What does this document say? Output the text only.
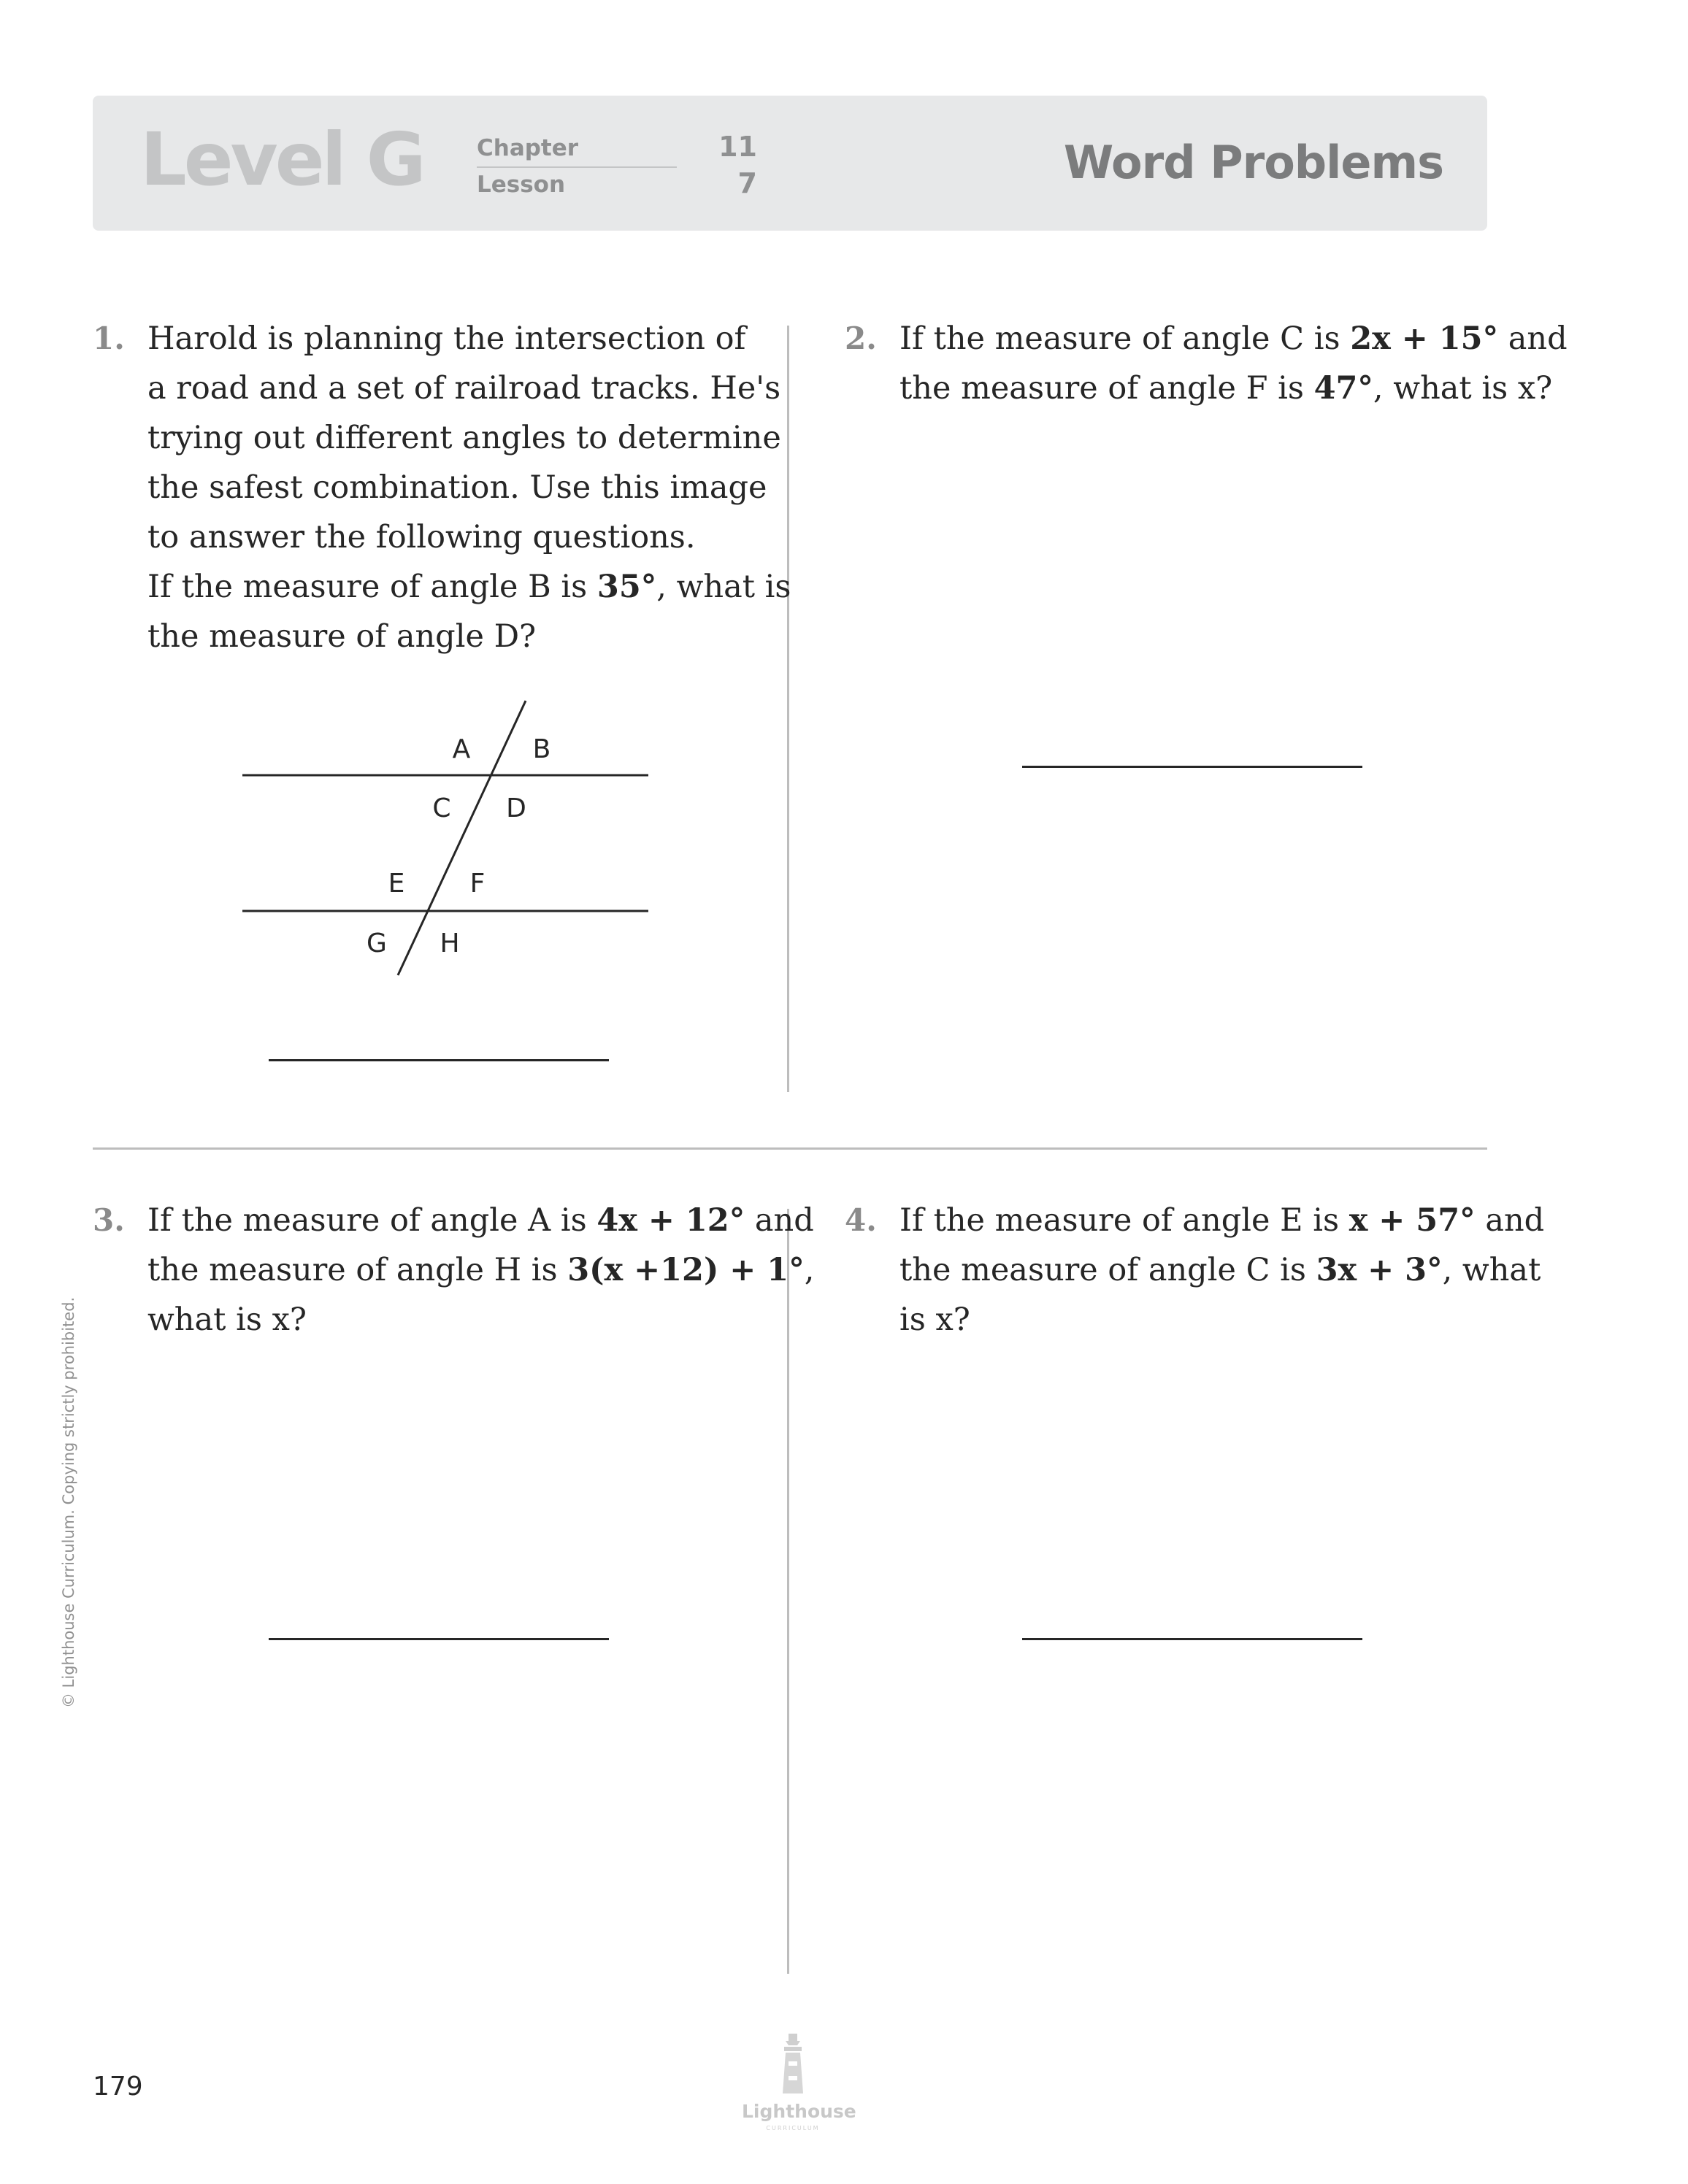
Level G Chapter	11
Lesson	7	Word Problems
1. Harold is planning the intersection of
a road and a set of railroad tracks. He's
trying out different angles to determine
the safest combination. Use this image
to answer the following questions.
If the measure of angle B is 35°, what is
the measure of angle D?
A B
C D
E F
G H
2. If the measure of angle C is 2x + 15° and
the measure of angle F is 47°, what is x?
3. If the measure of angle A is 4x + 12° and
the measure of angle H is 3(x +12) + 1°,
what is x?
4. If the measure of angle E is x + 57° and
the measure of angle C is 3x + 3°, what
is x?
© Lighthouse Curriculum. Copying strictly prohibited.
179
Lighthouse
CURRICULUM
